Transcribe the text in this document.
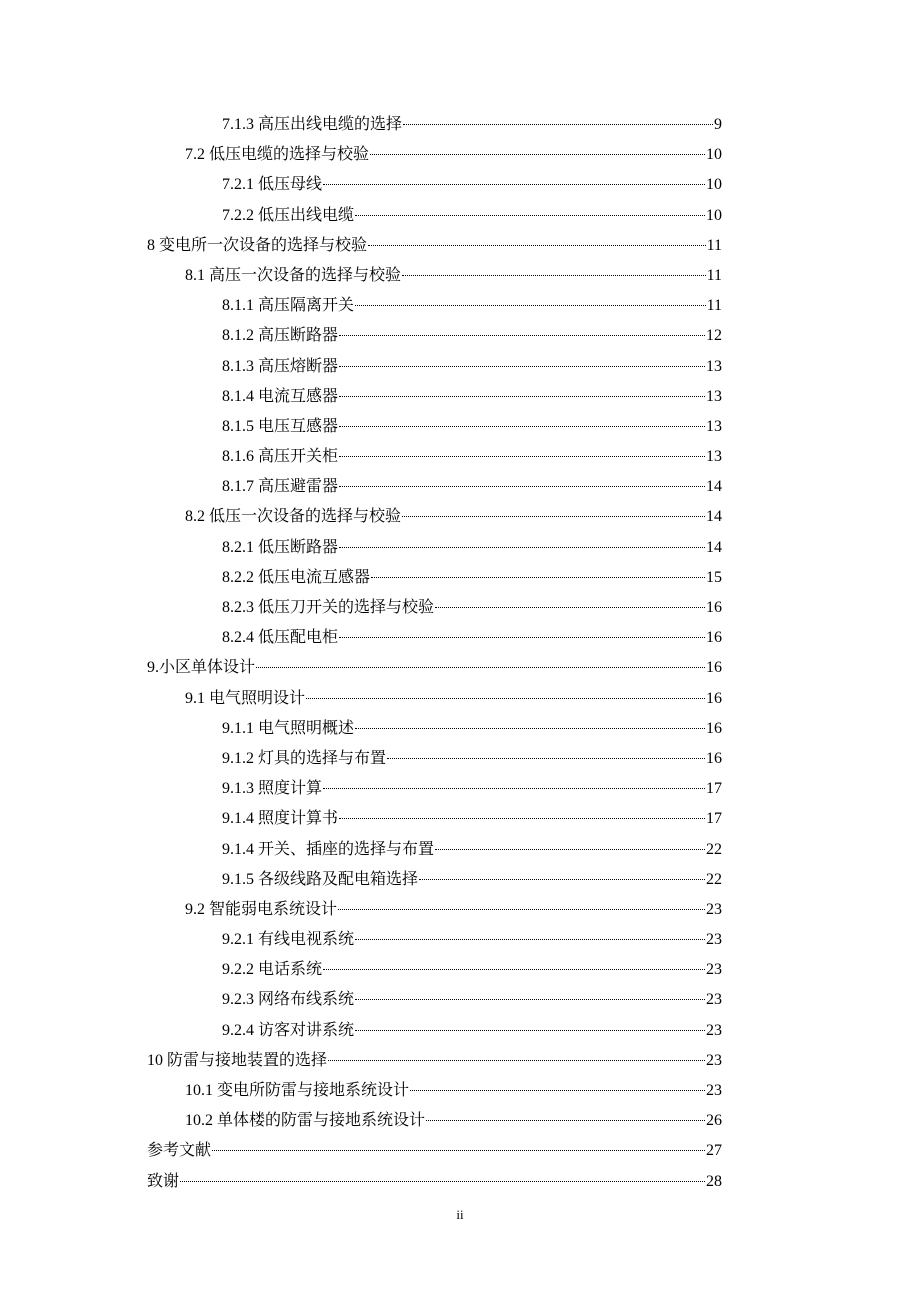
7.1.3 高压出线电缆的选择	9
7.2 低压电缆的选择与校验	10
7.2.1 低压母线	10
7.2.2 低压出线电缆	10
8 变电所一次设备的选择与校验	11
8.1 高压一次设备的选择与校验	11
8.1.1 高压隔离开关	11
8.1.2 高压断路器	12
8.1.3 高压熔断器	13
8.1.4 电流互感器	13
8.1.5 电压互感器	13
8.1.6 高压开关柜	13
8.1.7 高压避雷器	14
8.2 低压一次设备的选择与校验	14
8.2.1 低压断路器	14
8.2.2 低压电流互感器	15
8.2.3 低压刀开关的选择与校验	16
8.2.4 低压配电柜	16
9.小区单体设计	16
9.1 电气照明设计	16
9.1.1 电气照明概述	16
9.1.2 灯具的选择与布置	16
9.1.3 照度计算	17
9.1.4 照度计算书	17
9.1.4 开关、插座的选择与布置	22
9.1.5 各级线路及配电箱选择	22
9.2 智能弱电系统设计	23
9.2.1 有线电视系统	23
9.2.2 电话系统	23
9.2.3 网络布线系统	23
9.2.4 访客对讲系统	23
10 防雷与接地装置的选择	23
10.1 变电所防雷与接地系统设计	23
10.2 单体楼的防雷与接地系统设计	26
参考文献	27
致谢	28
ii
